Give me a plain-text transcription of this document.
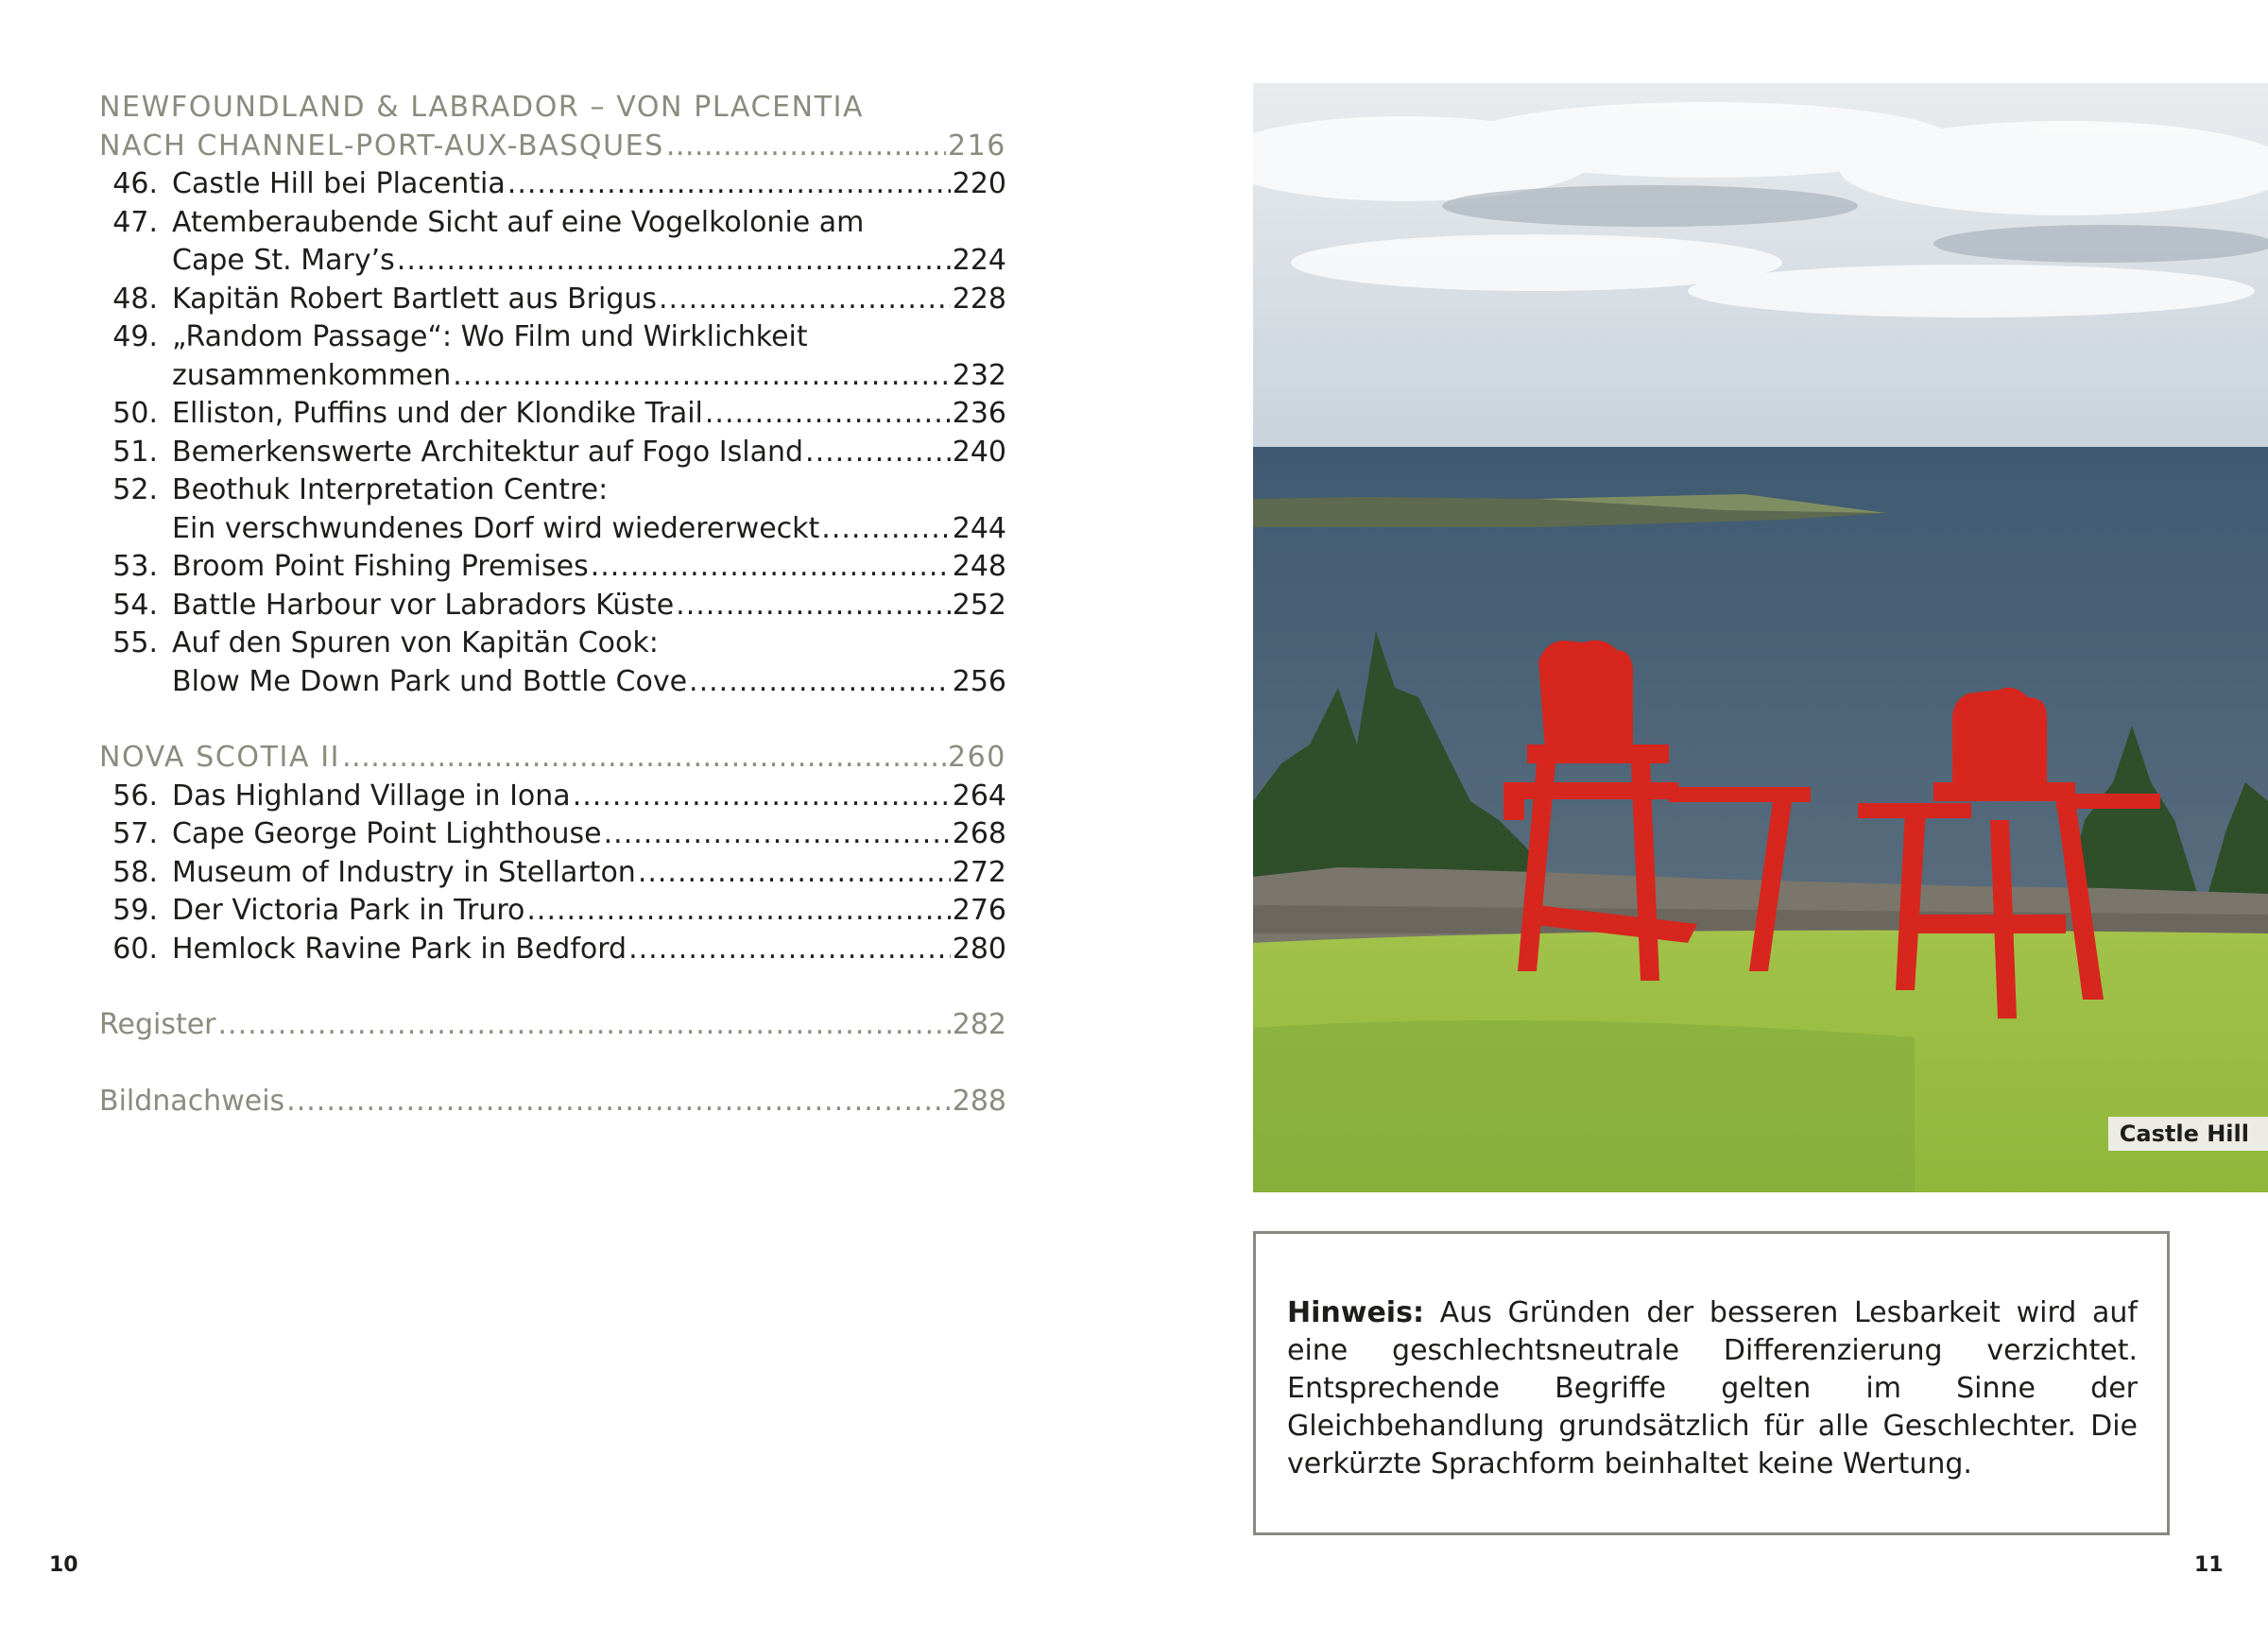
NEWFOUNDLAND & LABRADOR – VON PLACENTIA
NACH CHANNEL-PORT-AUX-BASQUES .....	216
46. Castle Hill bei Placentia .....	220
47. Atemberaubende Sicht auf eine Vogelkolonie am
Cape St. Mary’s .....	224
48. Kapitän Robert Bartlett aus Brigus .....	228
49. „Random Passage“: Wo Film und Wirklichkeit
zusammenkommen .....	232
50. Elliston, Puffins und der Klondike Trail .....	236
51. Bemerkenswerte Architektur auf Fogo Island .....	240
52. Beothuk Interpretation Centre:
Ein verschwundenes Dorf wird wiedererweckt .....	244
53. Broom Point Fishing Premises .....	248
54. Battle Harbour vor Labradors Küste .....	252
55. Auf den Spuren von Kapitän Cook:
Blow Me Down Park und Bottle Cove .....	256
NOVA SCOTIA II .....	260
56. Das Highland Village in Iona .....	264
57. Cape George Point Lighthouse .....	268
58. Museum of Industry in Stellarton .....	272
59. Der Victoria Park in Truro .....	276
60. Hemlock Ravine Park in Bedford .....	280
Register .....	282
Bildnachweis .....	288
Castle Hill
Hinweis: Aus Gründen der besseren Lesbarkeit wird auf eine geschlechtsneutrale Differenzierung verzichtet. Entsprechende Begriffe gelten im Sinne der Gleichbehandlung grundsätzlich für alle Geschlechter. Die verkürzte Sprachform beinhaltet keine Wertung.
10	11
